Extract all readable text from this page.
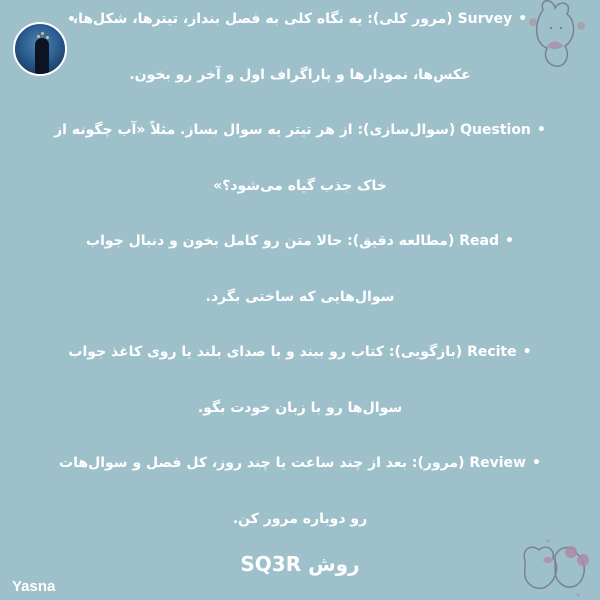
•Survey (مرور کلی): یه نگاه کلی به فصل بنداز، تیترها، شکل‌ها،
عکس‌ها، نمودارها و پاراگراف اول و آخر رو بخون.
•Question (سوال‌سازی): از هر تیتر یه سوال بساز. مثلاً «آب چگونه از
خاک جذب گیاه می‌شود؟»
•Read (مطالعه دقیق): حالا متن رو کامل بخون و دنبال جواب
سوال‌هایی که ساختی بگرد.
•Recite (بازگویی): کتاب رو ببند و با صدای بلند یا روی کاغذ جواب
سوال‌ها رو با زبان خودت بگو.
•Review (مرور): بعد از چند ساعت یا چند روز، کل فصل و سوال‌هات
رو دوباره مرور کن.
روش SQ3R
Yasna
